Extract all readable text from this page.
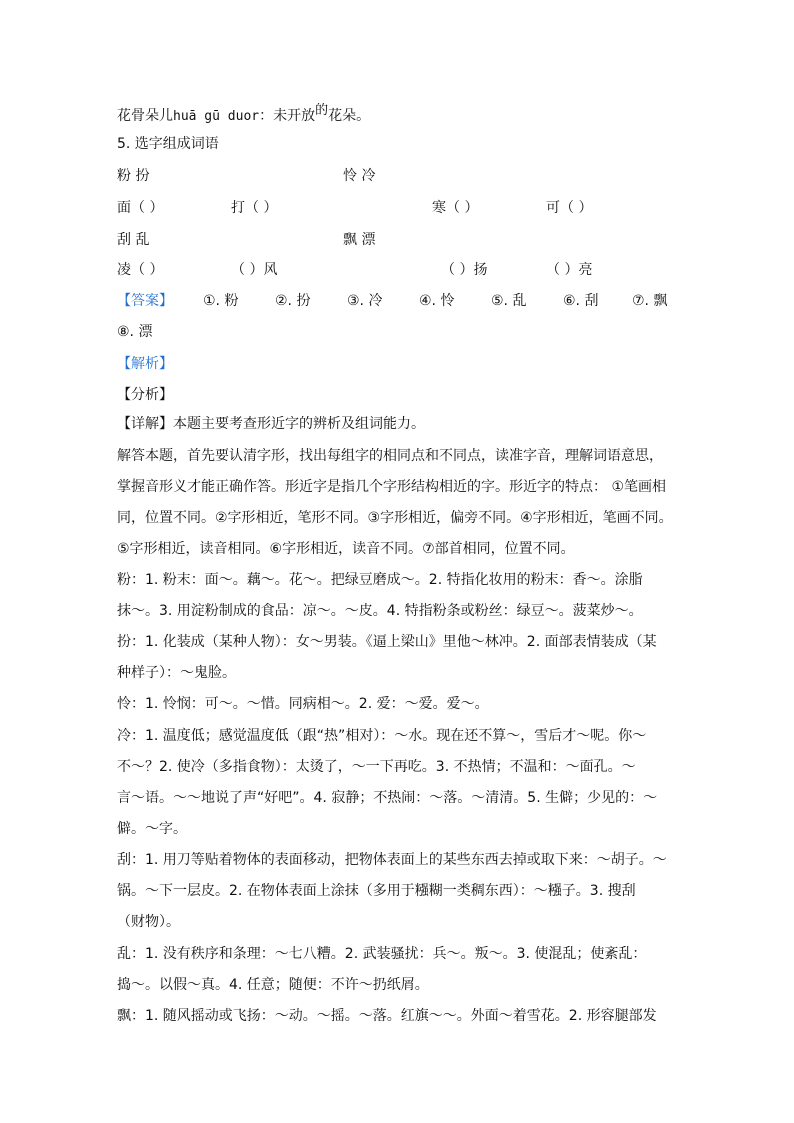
花骨朵儿huā gū duor：未开放的花朵。
5. 选字组成词语
粉 扮	怜 冷
面（ ）	打（ ）	寒（ ）	可（ ）
刮 乱	飘 漂
凌（ ）	（ ）风	（ ）扬	（ ）亮
【答案】 ①. 粉	②. 扮	③. 冷	④. 怜	⑤. 乱	⑥. 刮 ⑦. 飘
⑧. 漂
【解析】
【分析】
【详解】本题主要考查形近字的辨析及组词能力。
解答本题，首先要认清字形，找出每组字的相同点和不同点，读准字音，理解词语意思，
掌握音形义才能正确作答。形近字是指几个字形结构相近的字。形近字的特点： ①笔画相
同，位置不同。②字形相近，笔形不同。③字形相近，偏旁不同。④字形相近，笔画不同。
⑤字形相近，读音相同。⑥字形相近，读音不同。⑦部首相同，位置不同。
粉：1. 粉末：面～。藕～。花～。把绿豆磨成～。2. 特指化妆用的粉末：香～。涂脂
抹～。3. 用淀粉制成的食品：凉～。～皮。4. 特指粉条或粉丝：绿豆～。菠菜炒～。
扮：1. 化装成（某种人物）：女～男装。《逼上梁山》里他～林冲。2. 面部表情装成（某
种样子）：～鬼脸。
怜：1. 怜悯：可～。～惜。同病相～。2. 爱：～爱。爱～。
冷：1. 温度低；感觉温度低（跟“热”相对）：～水。现在还不算～，雪后才～呢。你～
不～？2. 使冷（多指食物）：太烫了，～一下再吃。3. 不热情；不温和：～面孔。～
言～语。～～地说了声“好吧”。4. 寂静；不热闹：～落。～清清。5. 生僻；少见的：～
僻。～字。
刮：1. 用刀等贴着物体的表面移动，把物体表面上的某些东西去掉或取下来：～胡子。～
锅。～下一层皮。2. 在物体表面上涂抹（多用于糨糊一类稠东西）：～糨子。3. 搜刮
（财物）。
乱：1. 没有秩序和条理：～七八糟。2. 武装骚扰：兵～。叛～。3. 使混乱；使紊乱：
捣～。以假～真。4. 任意；随便：不许～扔纸屑。
飘：1. 随风摇动或飞扬：～动。～摇。～落。红旗～～。外面～着雪花。2. 形容腿部发
